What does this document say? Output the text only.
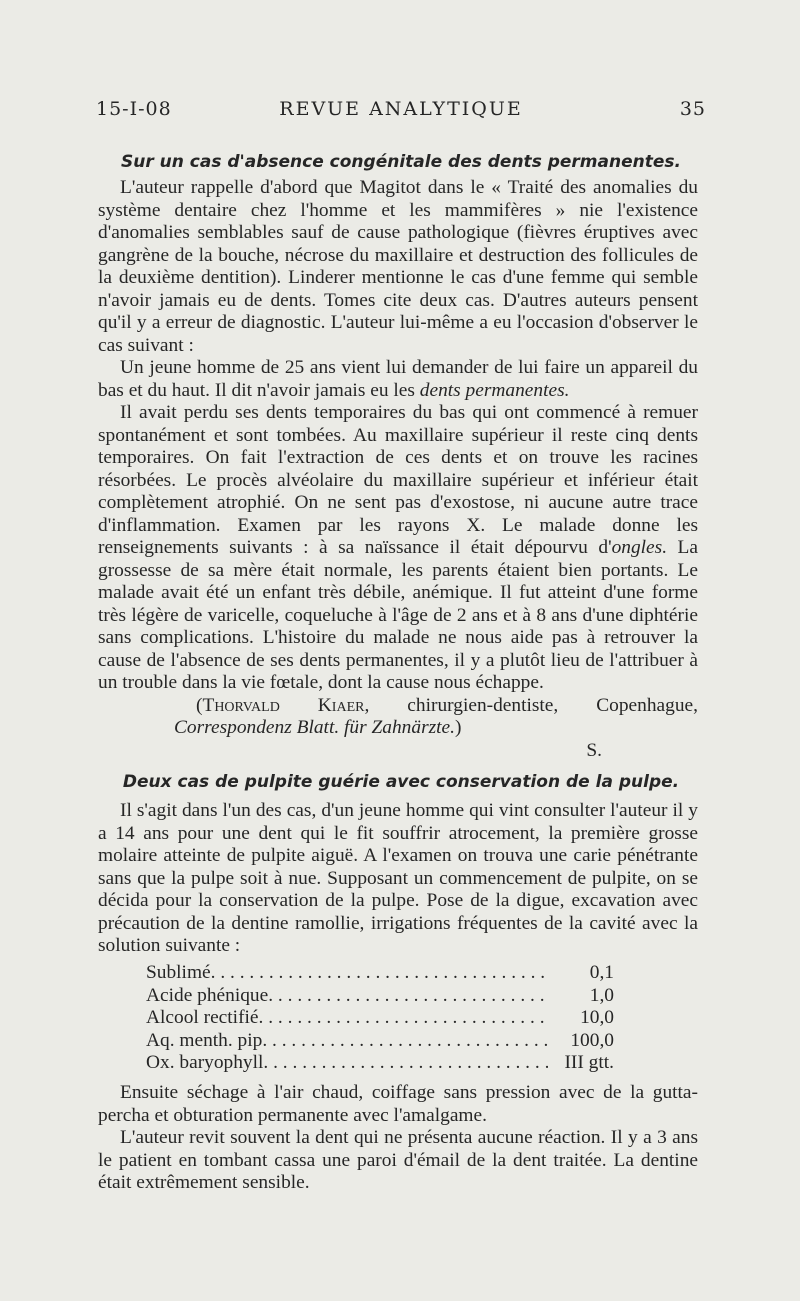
15-I-08	REVUE ANALYTIQUE	35
Sur un cas d'absence congénitale des dents permanentes.

L'auteur rappelle d'abord que Magitot dans le « Traité des anomalies du système dentaire chez l'homme et les mammifères » nie l'existence d'anomalies semblables sauf de cause pathologique (fièvres éruptives avec gangrène de la bouche, nécrose du maxillaire et destruction des follicules de la deuxième dentition). Linderer mentionne le cas d'une femme qui semble n'avoir jamais eu de dents. Tomes cite deux cas. D'autres auteurs pensent qu'il y a erreur de diagnostic. L'auteur lui-même a eu l'occasion d'observer le cas suivant :

Un jeune homme de 25 ans vient lui demander de lui faire un appareil du bas et du haut. Il dit n'avoir jamais eu les dents permanentes.

Il avait perdu ses dents temporaires du bas qui ont commencé à remuer spontanément et sont tombées. Au maxillaire supérieur il reste cinq dents temporaires. On fait l'extraction de ces dents et on trouve les racines résorbées. Le procès alvéolaire du maxillaire supérieur et inférieur était complètement atrophié. On ne sent pas d'exostose, ni aucune autre trace d'inflammation. Examen par les rayons X. Le malade donne les renseignements suivants : à sa naïssance il était dépourvu d'ongles. La grossesse de sa mère était normale, les parents étaient bien portants. Le malade avait été un enfant très débile, anémique. Il fut atteint d'une forme très légère de varicelle, coqueluche à l'âge de 2 ans et à 8 ans d'une diphtérie sans complications. L'histoire du malade ne nous aide pas à retrouver la cause de l'absence de ses dents permanentes, il y a plutôt lieu de l'attribuer à un trouble dans la vie fœtale, dont la cause nous échappe.

(Thorvald Kiaer, chirurgien-dentiste, Copenhague, Correspondenz Blatt. für Zahnärzte.)

S.

Deux cas de pulpite guérie avec conservation de la pulpe.

Il s'agit dans l'un des cas, d'un jeune homme qui vint consulter l'auteur il y a 14 ans pour une dent qui le fit souffrir atrocement, la première grosse molaire atteinte de pulpite aiguë. A l'examen on trouva une carie pénétrante sans que la pulpe soit à nue. Supposant un commencement de pulpite, on se décida pour la conservation de la pulpe. Pose de la digue, excavation avec précaution de la dentine ramollie, irrigations fréquentes de la cavité avec la solution suivante :

Sublimé . . .	0,1
Acide phénique . . .	1,0
Alcool rectifié . . .	10,0
Aq. menth. pip . . .	100,0
Ox. baryophyll . . .	III gtt.

Ensuite séchage à l'air chaud, coiffage sans pression avec de la gutta-percha et obturation permanente avec l'amalgame.

L'auteur revit souvent la dent qui ne présenta aucune réaction. Il y a 3 ans le patient en tombant cassa une paroi d'émail de la dent traitée. La dentine était extrêmement sensible.
